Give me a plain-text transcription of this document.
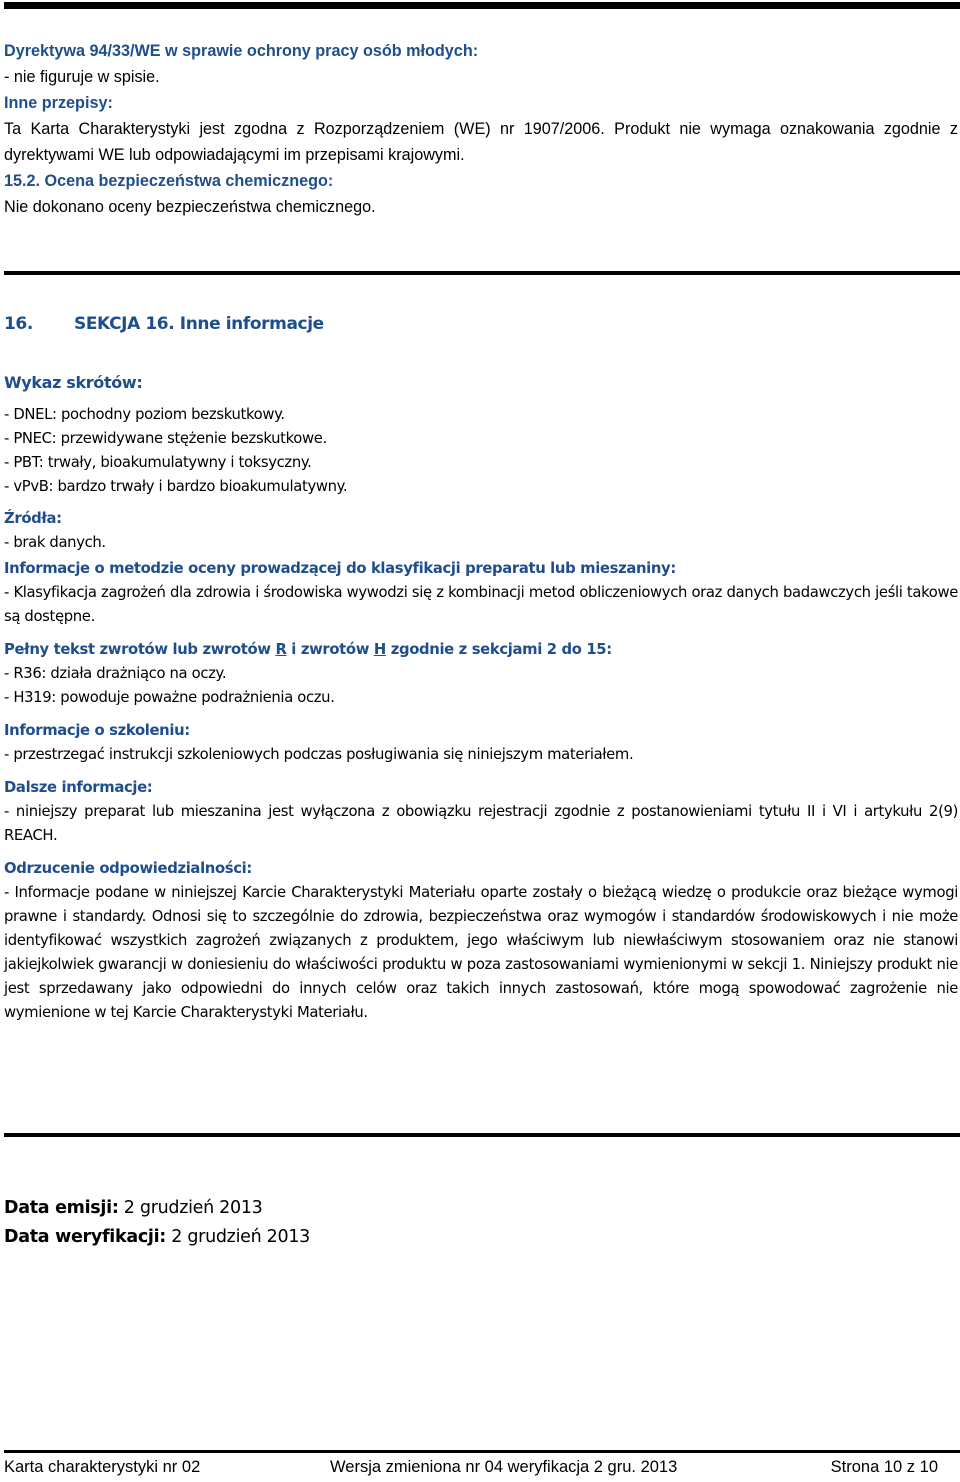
Dyrektywa 94/33/WE w sprawie ochrony pracy osób młodych:

- nie figuruje w spisie.

Inne przepisy:

Ta Karta Charakterystyki jest zgodna z Rozporządzeniem (WE) nr 1907/2006. Produkt nie wymaga oznakowania zgodnie z dyrektywami WE lub odpowiadającymi im przepisami krajowymi.

15.2. Ocena bezpieczeństwa chemicznego:

Nie dokonano oceny bezpieczeństwa chemicznego.

16. SEKCJA 16. Inne informacje

Wykaz skrótów:

- DNEL: pochodny poziom bezskutkowy.

- PNEC: przewidywane stężenie bezskutkowe.

- PBT: trwały, bioakumulatywny i toksyczny.

- vPvB: bardzo trwały i bardzo bioakumulatywny.

Źródła:

- brak danych.

Informacje o metodzie oceny prowadzącej do klasyfikacji preparatu lub mieszaniny:

- Klasyfikacja zagrożeń dla zdrowia i środowiska wywodzi się z kombinacji metod obliczeniowych oraz danych badawczych jeśli takowe są dostępne.

Pełny tekst zwrotów lub zwrotów R i zwrotów H zgodnie z sekcjami 2 do 15:

- R36: działa drażniąco na oczy.

- H319: powoduje poważne podrażnienia oczu.

Informacje o szkoleniu:

- przestrzegać instrukcji szkoleniowych podczas posługiwania się niniejszym materiałem.

Dalsze informacje:

- niniejszy preparat lub mieszanina jest wyłączona z obowiązku rejestracji zgodnie z postanowieniami tytułu II i VI i artykułu 2(9) REACH.

Odrzucenie odpowiedzialności:

- Informacje podane w niniejszej Karcie Charakterystyki Materiału oparte zostały o bieżącą wiedzę o produkcie oraz bieżące wymogi prawne i standardy. Odnosi się to szczególnie do zdrowia, bezpieczeństwa oraz wymogów i standardów środowiskowych i nie może identyfikować wszystkich zagrożeń związanych z produktem, jego właściwym lub niewłaściwym stosowaniem oraz nie stanowi jakiejkolwiek gwarancji w doniesieniu do właściwości produktu w poza zastosowaniami wymienionymi w sekcji 1. Niniejszy produkt nie jest sprzedawany jako odpowiedni do innych celów oraz takich innych zastosowań, które mogą spowodować zagrożenie nie wymienione w tej Karcie Charakterystyki Materiału.

Data emisji: 2 grudzień 2013
Data weryfikacji: 2 grudzień 2013
Karta charakterystyki nr 02	Wersja zmieniona nr 04 weryfikacja 2 gru. 2013	Strona 10 z 10
